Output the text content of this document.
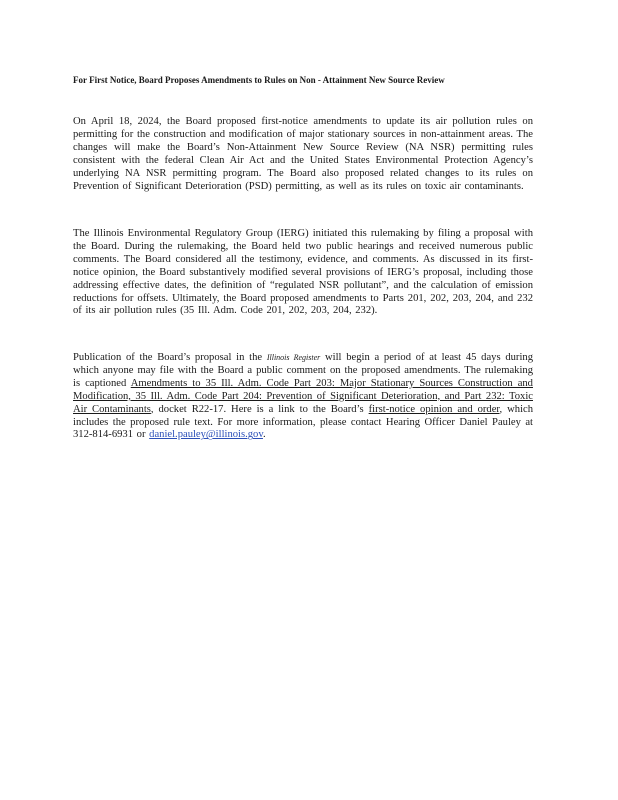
For First Notice, Board Proposes Amendments to Rules on Non - Attainment New Source Review
On April 18, 2024, the Board proposed first-notice amendments to update its air pollution rules on permitting for the construction and modification of major stationary sources in non-attainment areas. The changes will make the Board’s Non-Attainment New Source Review (NA NSR) permitting rules consistent with the federal Clean Air Act and the United States Environmental Protection Agency’s underlying NA NSR permitting program. The Board also proposed related changes to its rules on Prevention of Significant Deterioration (PSD) permitting, as well as its rules on toxic air contaminants.
The Illinois Environmental Regulatory Group (IERG) initiated this rulemaking by filing a proposal with the Board. During the rulemaking, the Board held two public hearings and received numerous public comments. The Board considered all the testimony, evidence, and comments. As discussed in its first-notice opinion, the Board substantively modified several provisions of IERG’s proposal, including those addressing effective dates, the definition of “regulated NSR pollutant”, and the calculation of emission reductions for offsets. Ultimately, the Board proposed amendments to Parts 201, 202, 203, 204, and 232 of its air pollution rules (35 Ill. Adm. Code 201, 202, 203, 204, 232).
Publication of the Board’s proposal in the Illinois Register will begin a period of at least 45 days during which anyone may file with the Board a public comment on the proposed amendments. The rulemaking is captioned Amendments to 35 Ill. Adm. Code Part 203: Major Stationary Sources Construction and Modification, 35 Ill. Adm. Code Part 204: Prevention of Significant Deterioration, and Part 232: Toxic Air Contaminants, docket R22-17. Here is a link to the Board’s first-notice opinion and order, which includes the proposed rule text. For more information, please contact Hearing Officer Daniel Pauley at 312-814-6931 or daniel.pauley@illinois.gov.
